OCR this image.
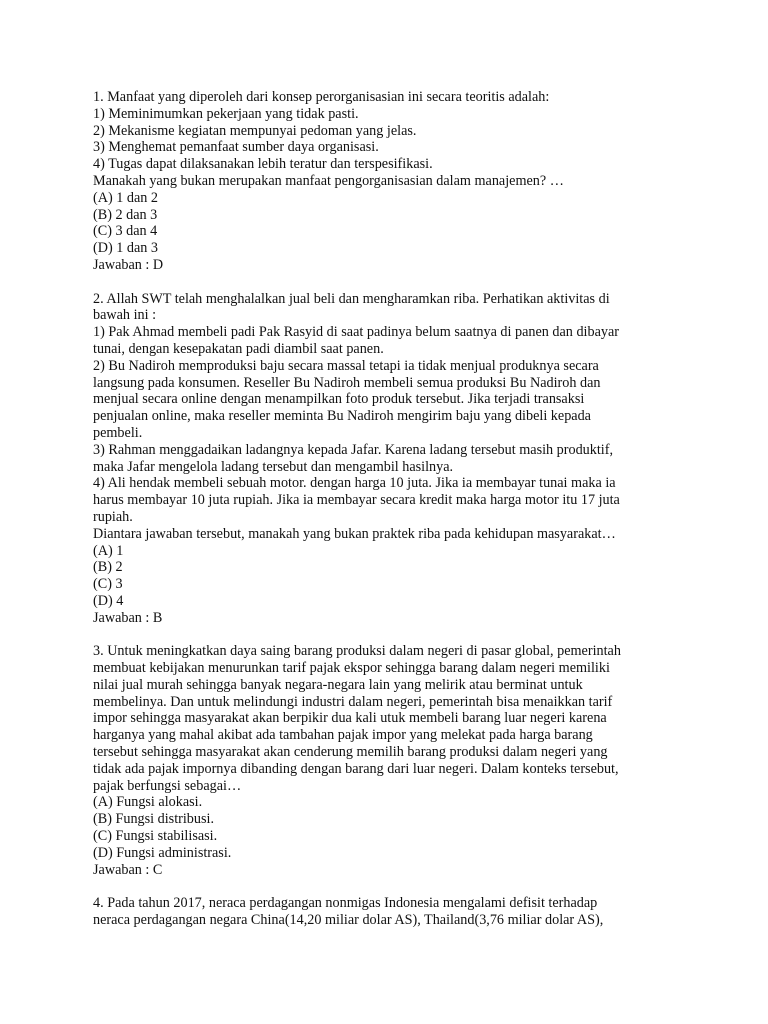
1. Manfaat yang diperoleh dari konsep perorganisasian ini secara teoritis adalah:
1) Meminimumkan pekerjaan yang tidak pasti.
2) Mekanisme kegiatan mempunyai pedoman yang jelas.
3) Menghemat pemanfaat sumber daya organisasi.
4) Tugas dapat dilaksanakan lebih teratur dan terspesifikasi.
Manakah yang bukan merupakan manfaat pengorganisasian dalam manajemen? …
(A) 1 dan 2
(B) 2 dan 3
(C) 3 dan 4
(D) 1 dan 3
Jawaban : D
2. Allah SWT telah menghalalkan jual beli dan mengharamkan riba. Perhatikan aktivitas di
bawah ini :
1) Pak Ahmad membeli padi Pak Rasyid di saat padinya belum saatnya di panen dan dibayar
tunai, dengan kesepakatan padi diambil saat panen.
2) Bu Nadiroh memproduksi baju secara massal tetapi ia tidak menjual produknya secara
langsung pada konsumen. Reseller Bu Nadiroh membeli semua produksi Bu Nadiroh dan
menjual secara online dengan menampilkan foto produk tersebut. Jika terjadi transaksi
penjualan online, maka reseller meminta Bu Nadiroh mengirim baju yang dibeli kepada
pembeli.
3) Rahman menggadaikan ladangnya kepada Jafar. Karena ladang tersebut masih produktif,
maka Jafar mengelola ladang tersebut dan mengambil hasilnya.
4) Ali hendak membeli sebuah motor. dengan harga 10 juta. Jika ia membayar tunai maka ia
harus membayar 10 juta rupiah. Jika ia membayar secara kredit maka harga motor itu 17 juta
rupiah.
Diantara jawaban tersebut, manakah yang bukan praktek riba pada kehidupan masyarakat…
(A) 1
(B) 2
(C) 3
(D) 4
Jawaban : B
3. Untuk meningkatkan daya saing barang produksi dalam negeri di pasar global, pemerintah
membuat kebijakan menurunkan tarif pajak ekspor sehingga barang dalam negeri memiliki
nilai jual murah sehingga banyak negara-negara lain yang melirik atau berminat untuk
membelinya. Dan untuk melindungi industri dalam negeri, pemerintah bisa menaikkan tarif
impor sehingga masyarakat akan berpikir dua kali utuk membeli barang luar negeri karena
harganya yang mahal akibat ada tambahan pajak impor yang melekat pada harga barang
tersebut sehingga masyarakat akan cenderung memilih barang produksi dalam negeri yang
tidak ada pajak impornya dibanding dengan barang dari luar negeri. Dalam konteks tersebut,
pajak berfungsi sebagai…
(A) Fungsi alokasi.
(B) Fungsi distribusi.
(C) Fungsi stabilisasi.
(D) Fungsi administrasi.
Jawaban : C
4. Pada tahun 2017, neraca perdagangan nonmigas Indonesia mengalami defisit terhadap
neraca perdagangan negara China(14,20 miliar dolar AS), Thailand(3,76 miliar dolar AS),
